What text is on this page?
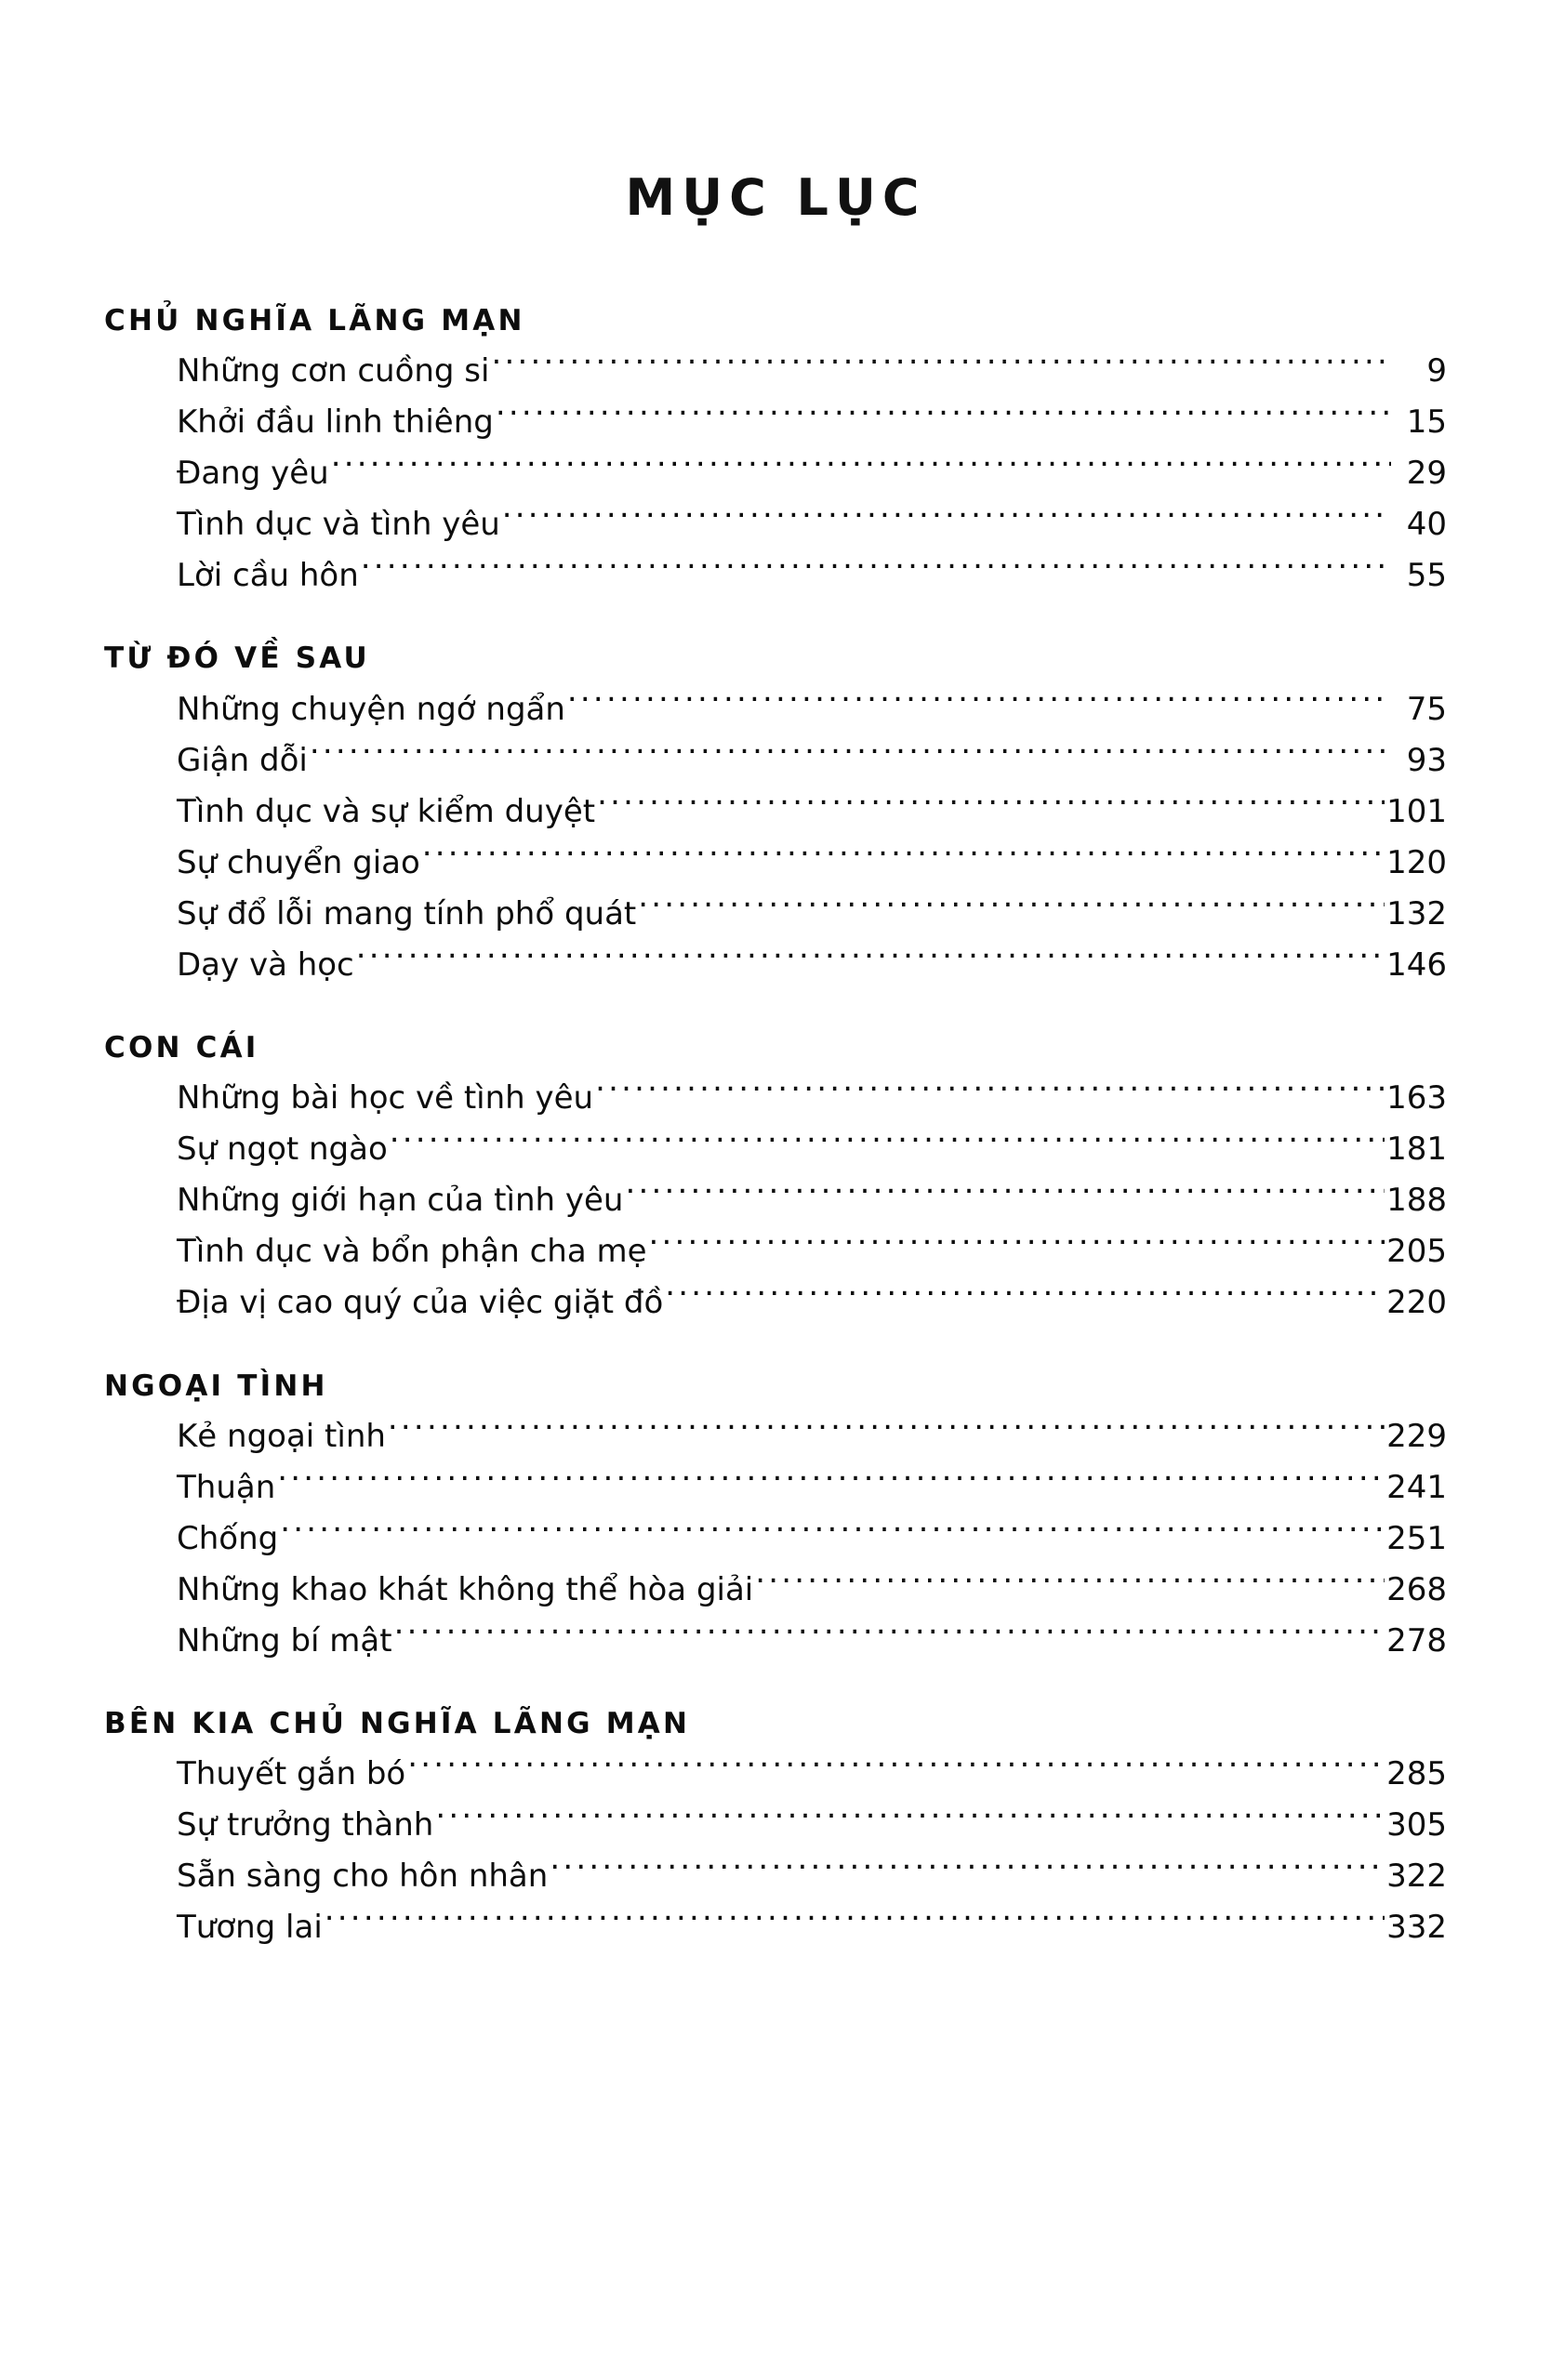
MỤC LỤC
CHỦ NGHĨA LÃNG MẠN
Những cơn cuồng si .....	9
Khởi đầu linh thiêng .....	15
Đang yêu .....	29
Tình dục và tình yêu .....	40
Lời cầu hôn .....	55
TỪ ĐÓ VỀ SAU
Những chuyện ngớ ngẩn .....	75
Giận dỗi .....	93
Tình dục và sự kiểm duyệt .....	101
Sự chuyển giao .....	120
Sự đổ lỗi mang tính phổ quát .....	132
Dạy và học .....	146
CON CÁI
Những bài học về tình yêu .....	163
Sự ngọt ngào .....	181
Những giới hạn của tình yêu .....	188
Tình dục và bổn phận cha mẹ .....	205
Địa vị cao quý của việc giặt đồ .....	220
NGOẠI TÌNH
Kẻ ngoại tình .....	229
Thuận .....	241
Chống .....	251
Những khao khát không thể hòa giải .....	268
Những bí mật .....	278
BÊN KIA CHỦ NGHĨA LÃNG MẠN
Thuyết gắn bó .....	285
Sự trưởng thành .....	305
Sẵn sàng cho hôn nhân .....	322
Tương lai .....	332
